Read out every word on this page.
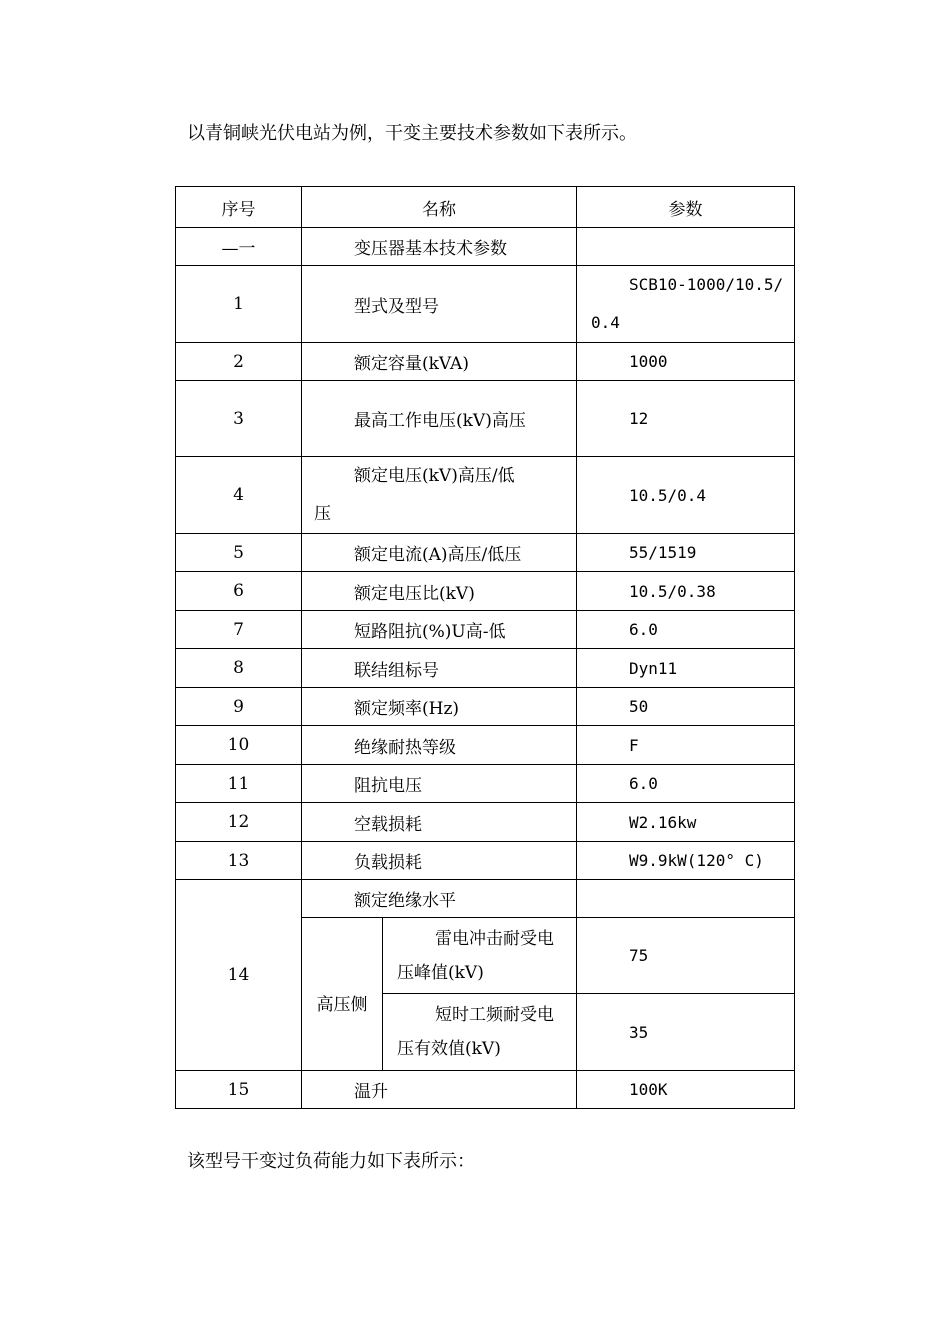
以青铜峡光伏电站为例，干变主要技术参数如下表所示。
序号	名称		参数
—一	变压器基本技术参数		
1	型式及型号		SCB10-1000/10.5/
0.4
2	额定容量(kVA)		1000
3	最高工作电压(kV)高压		12
4	额定电压(kV)高压/低
压		10.5/0.4
5	额定电流(A)高压/低压		55/1519
6	额定电压比(kV)		10.5/0.38
7	短路阻抗(%)U高-低		6.0
8	联结组标号		Dyn11
9	额定频率(Hz)		50
10	绝缘耐热等级		F
11	阻抗电压		6.0
12	空载损耗		W2.16kw
13	负载损耗		W9.9kW(120° C)
14	额定绝缘水平		
	高压侧	雷电冲击耐受电
压峰值(kV)	75

		短时工频耐受电
压有效值(kV)	35
15	温升		100K
该型号干变过负荷能力如下表所示：
